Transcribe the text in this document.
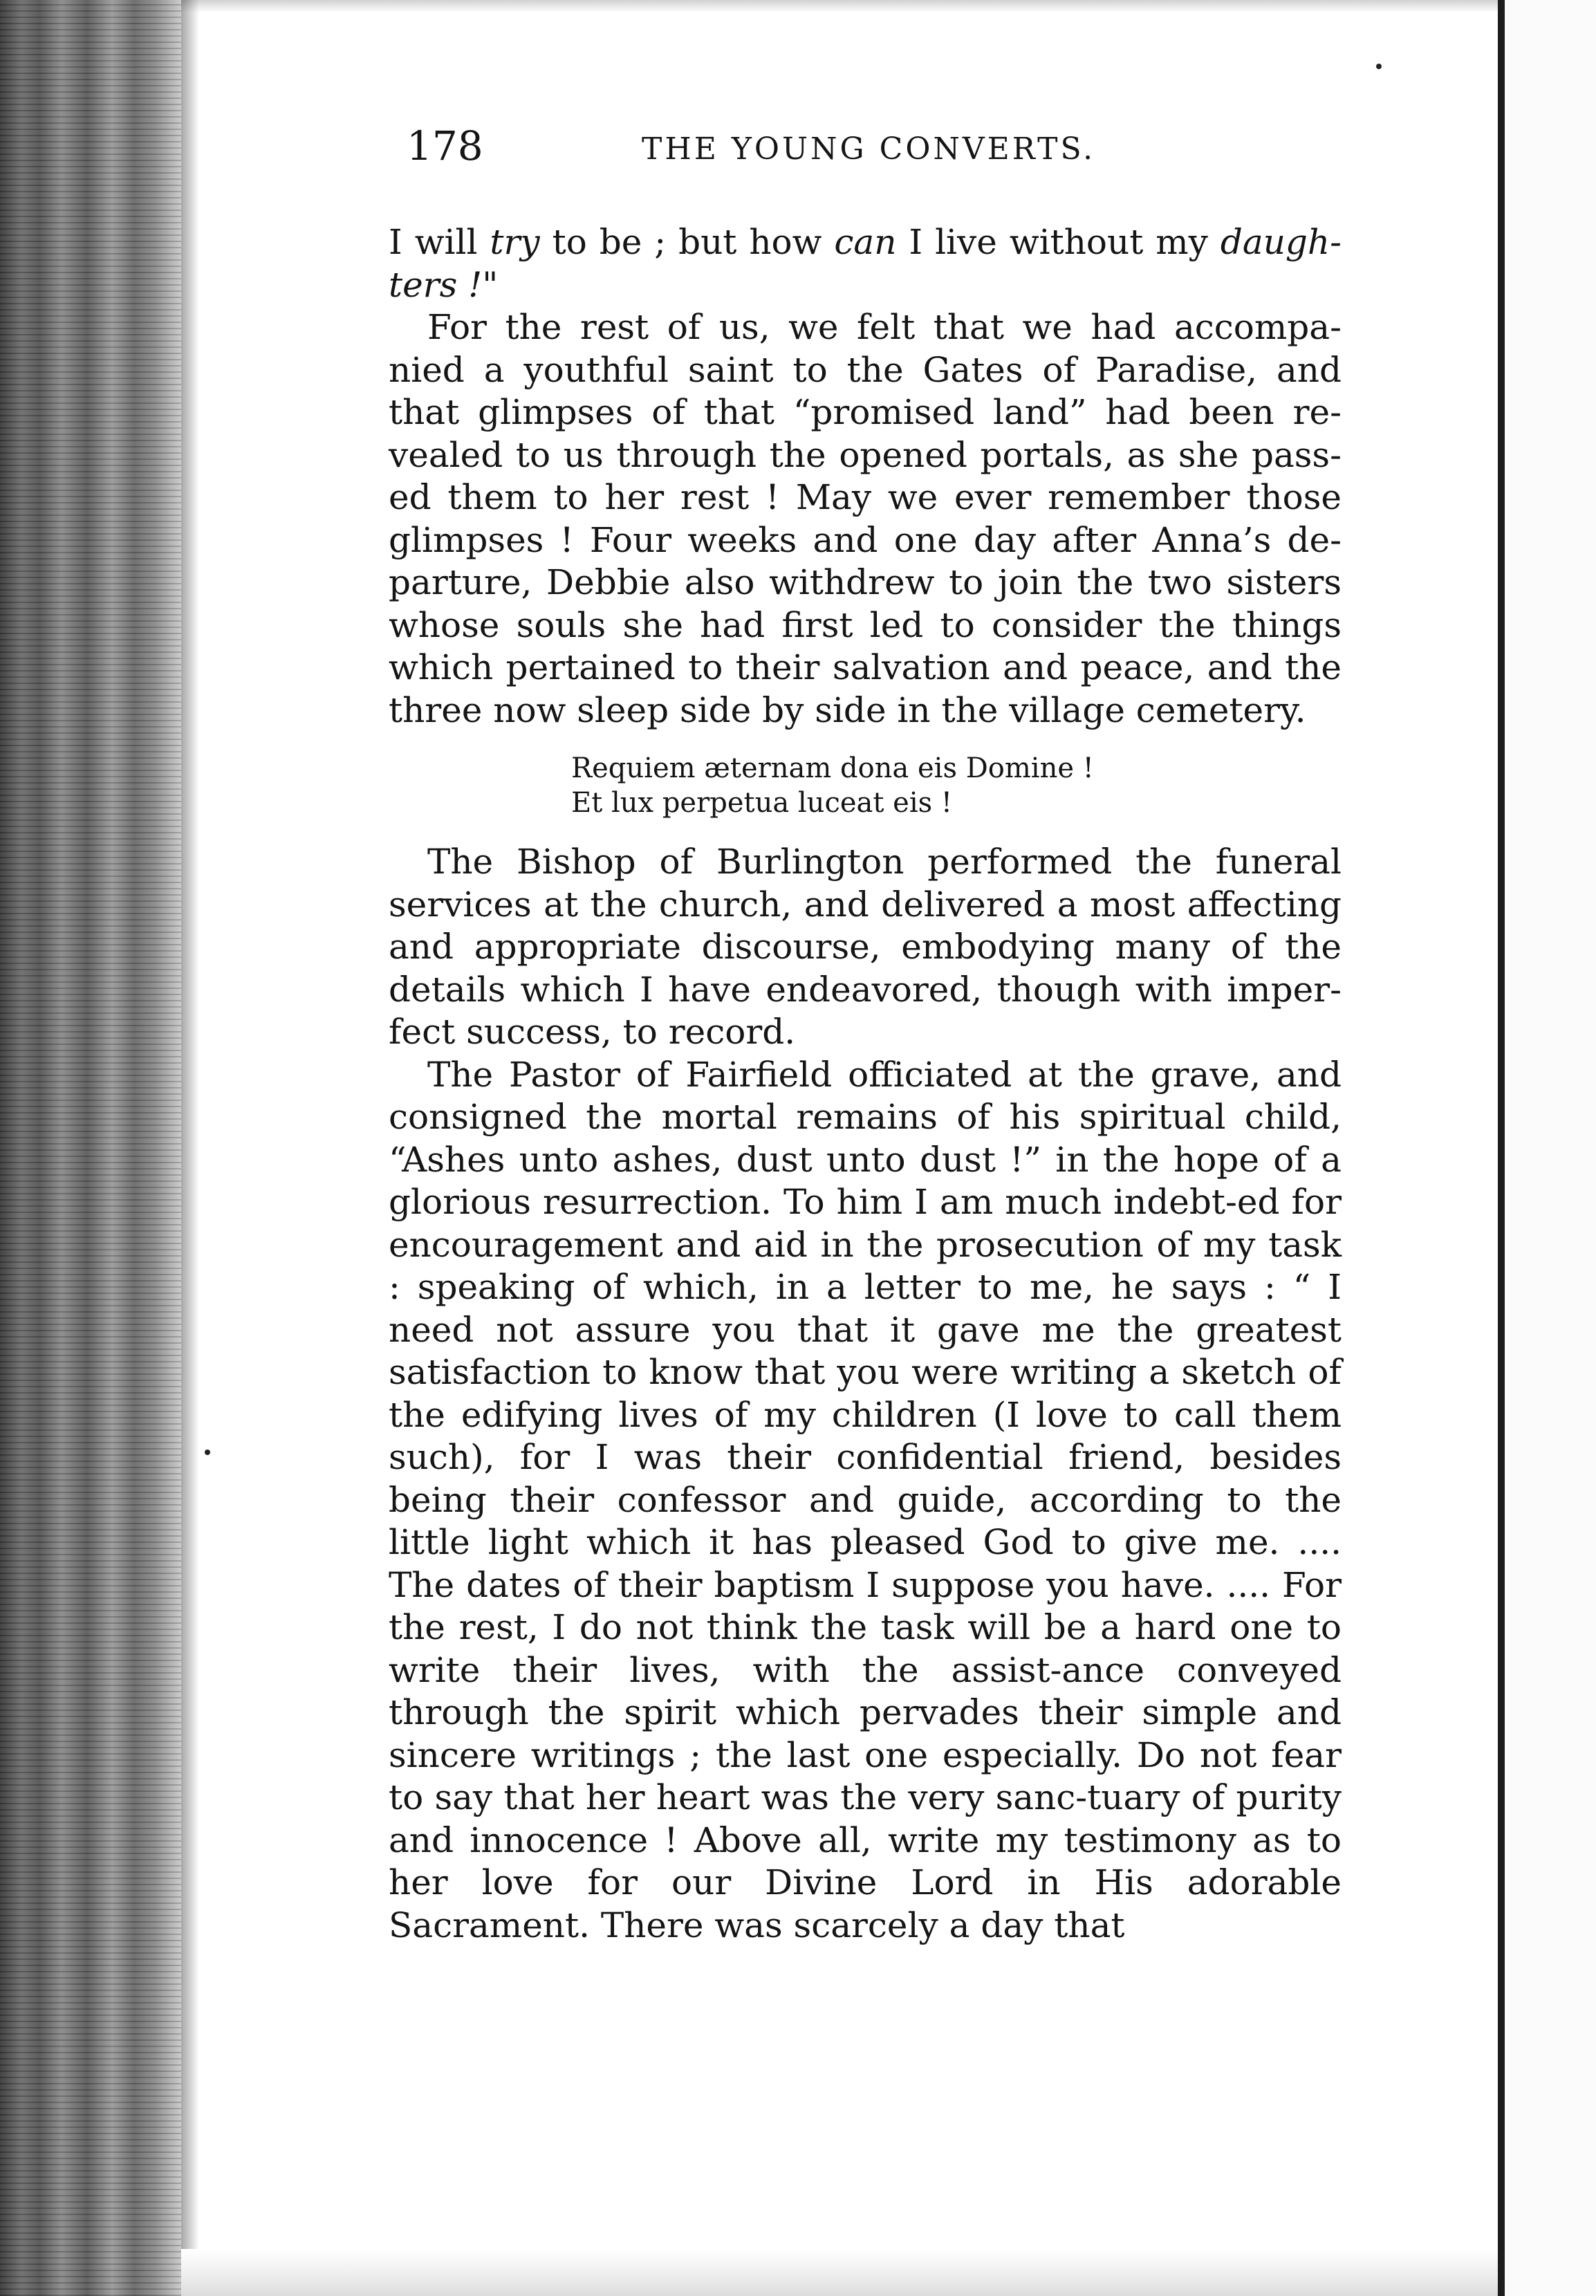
178	THE YOUNG CONVERTS.

I will try to be ; but how can I live without my daugh-ters !"

For the rest of us, we felt that we had accompa-nied a youthful saint to the Gates of Paradise, and that glimpses of that “promised land” had been re-vealed to us through the opened portals, as she pass-ed them to her rest ! May we ever remember those glimpses ! Four weeks and one day after Anna’s de-parture, Debbie also withdrew to join the two sisters whose souls she had first led to consider the things which pertained to their salvation and peace, and the three now sleep side by side in the village cemetery.

Requiem æternam dona eis Domine !
Et lux perpetua luceat eis !

The Bishop of Burlington performed the funeral services at the church, and delivered a most affecting and appropriate discourse, embodying many of the details which I have endeavored, though with imper-fect success, to record.

The Pastor of Fairfield officiated at the grave, and consigned the mortal remains of his spiritual child, “Ashes unto ashes, dust unto dust !” in the hope of a glorious resurrection. To him I am much indebt-ed for encouragement and aid in the prosecution of my task : speaking of which, in a letter to me, he says : “ I need not assure you that it gave me the greatest satisfaction to know that you were writing a sketch of the edifying lives of my children (I love to call them such), for I was their confidential friend, besides being their confessor and guide, according to the little light which it has pleased God to give me. .... The dates of their baptism I suppose you have. .... For the rest, I do not think the task will be a hard one to write their lives, with the assist-ance conveyed through the spirit which pervades their simple and sincere writings ; the last one especially. Do not fear to say that her heart was the very sanc-tuary of purity and innocence ! Above all, write my testimony as to her love for our Divine Lord in His adorable Sacrament. There was scarcely a day that
